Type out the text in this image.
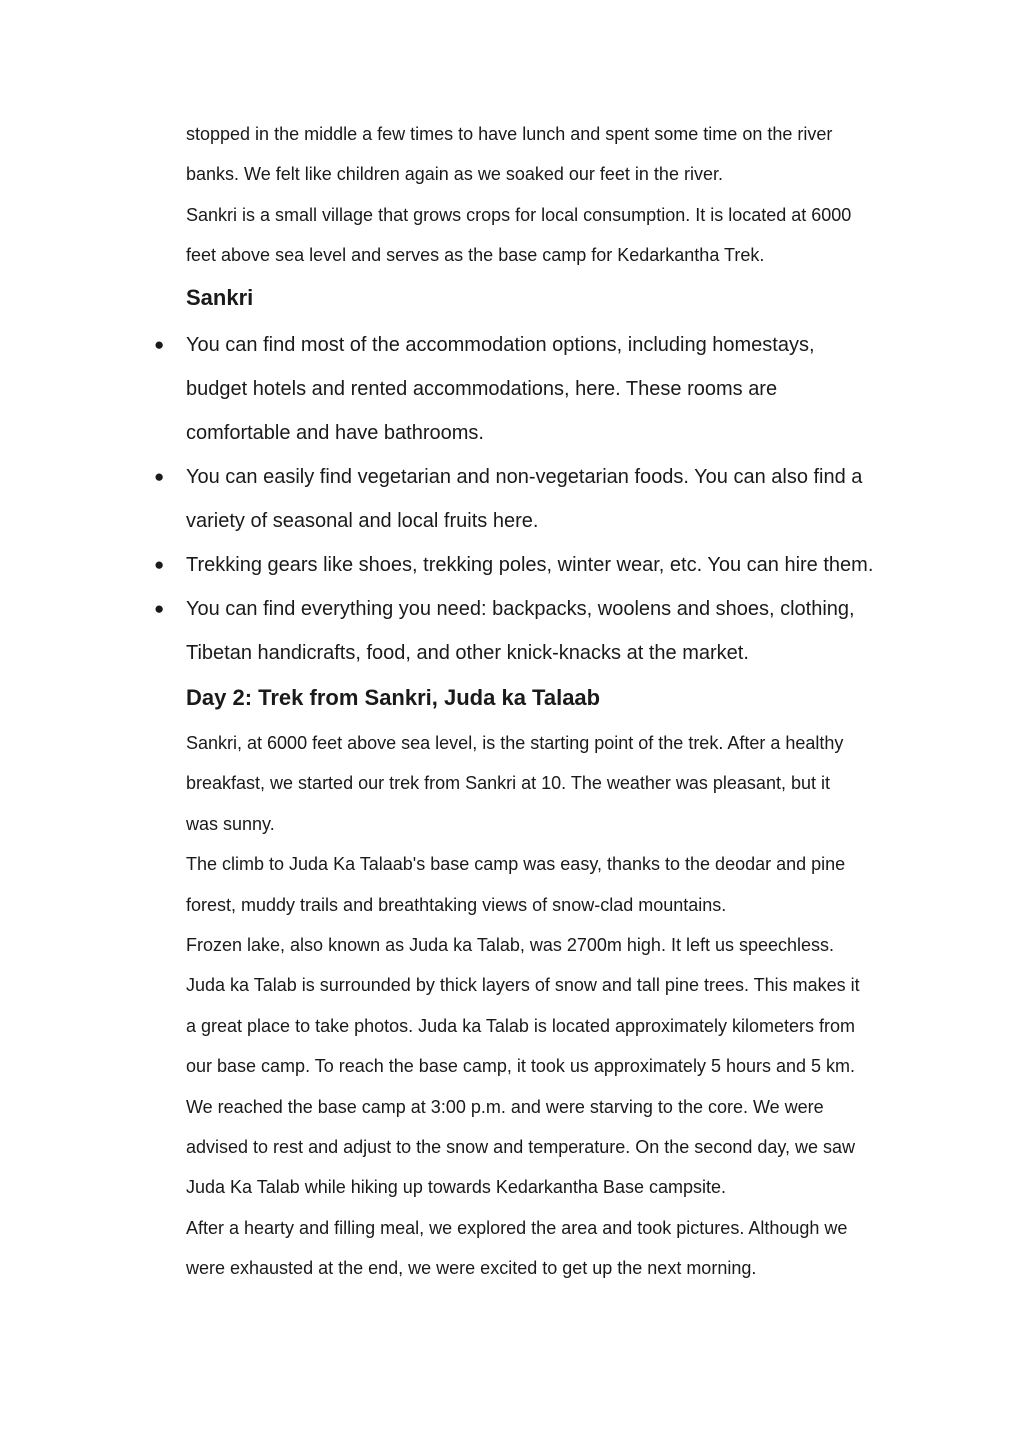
stopped in the middle a few times to have lunch and spent some time on the river
banks. We felt like children again as we soaked our feet in the river.

Sankri is a small village that grows crops for local consumption. It is located at 6000
feet above sea level and serves as the base camp for Kedarkantha Trek.

Sankri
● You can find most of the accommodation options, including homestays,
budget hotels and rented accommodations, here. These rooms are
comfortable and have bathrooms.
● You can easily find vegetarian and non-vegetarian foods. You can also find a
variety of seasonal and local fruits here.
● Trekking gears like shoes, trekking poles, winter wear, etc. You can hire them.
● You can find everything you need: backpacks, woolens and shoes, clothing,
Tibetan handicrafts, food, and other knick-knacks at the market.
Day 2: Trek from Sankri, Juda ka Talaab

Sankri, at 6000 feet above sea level, is the starting point of the trek. After a healthy
breakfast, we started our trek from Sankri at 10. The weather was pleasant, but it
was sunny.

The climb to Juda Ka Talaab's base camp was easy, thanks to the deodar and pine
forest, muddy trails and breathtaking views of snow-clad mountains.

Frozen lake, also known as Juda ka Talab, was 2700m high. It left us speechless.
Juda ka Talab is surrounded by thick layers of snow and tall pine trees. This makes it
a great place to take photos. Juda ka Talab is located approximately kilometers from
our base camp. To reach the base camp, it took us approximately 5 hours and 5 km.
We reached the base camp at 3:00 p.m. and were starving to the core. We were
advised to rest and adjust to the snow and temperature. On the second day, we saw
Juda Ka Talab while hiking up towards Kedarkantha Base campsite.

After a hearty and filling meal, we explored the area and took pictures. Although we
were exhausted at the end, we were excited to get up the next morning.
